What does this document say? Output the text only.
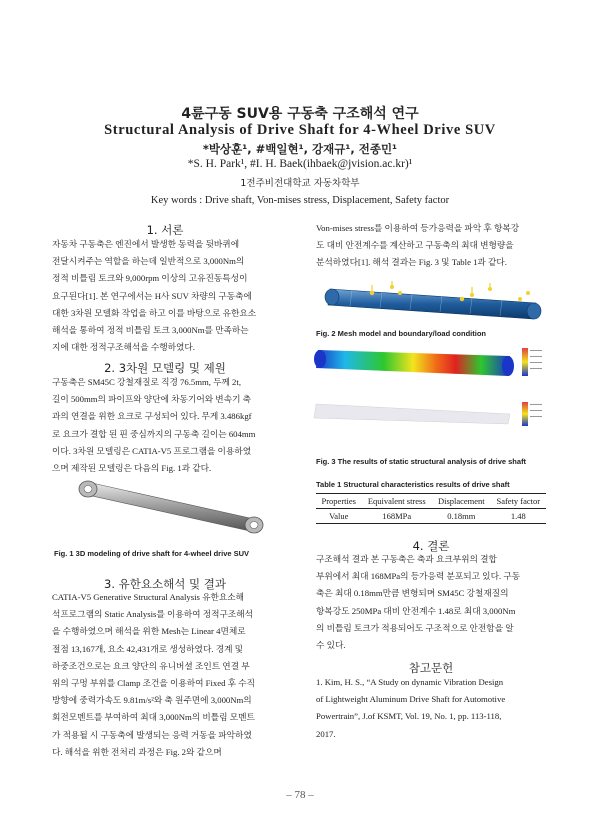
4륜구동 SUV용 구동축 구조해석 연구
Structural Analysis of Drive Shaft for 4-Wheel Drive SUV
*박상훈¹, #백일현¹, 강재규¹, 전종민¹
*S. H. Park¹, #I. H. Baek(ihbaek@jvision.ac.kr)¹
1전주비전대학교 자동차학부
Key words : Drive shaft, Von-mises stress, Displacement, Safety factor
1. 서론
자동차 구동축은 엔진에서 발생한 동력을 뒷바퀴에
전달시켜주는 역할을 하는데 일반적으로 3,000Nm의
정적 비틀림 토크와 9,000rpm 이상의 고유진동특성이
요구된다[1]. 본 연구에서는 H사 SUV 차량의 구동축에
대한 3차원 모델화 작업을 하고 이를 바탕으로 유한요소
해석을 통하여 정적 비틀림 토크 3,000Nm를 만족하는
지에 대한 정적구조해석을 수행하였다.
2. 3차원 모델링 및 제원
구동축은 SM45C 강철재질로 직경 76.5mm, 두께 2t,
길이 500mm의 파이프와 양단에 차동기어와 변속기 축
과의 연결을 위한 요크로 구성되어 있다. 무게 3.486kgf
로 요크가 결합 된 핀 중심까지의 구동축 길이는 604mm
이다. 3차원 모델링은 CATIA-V5 프로그램을 이용하였
으며 제작된 모델링은 다음의 Fig. 1과 같다.
Fig. 1 3D modeling of drive shaft for 4-wheel drive SUV
3. 유한요소해석 및 결과
CATIA-V5 Generative Structural Analysis 유한요소해
석프로그램의 Static Analysis를 이용하여 정적구조해석
을 수행하였으며 해석을 위한 Mesh는 Linear 4면체로
절점 13,167개, 요소 42,431개로 생성하였다. 경계 및
하중조건으로는 요크 양단의 유니버셜 조인트 연결 부
위의 구멍 부위를 Clamp 조건을 이용하여 Fixed 후 수직
방향에 중력가속도 9.81m/s²와 축 원주면에 3,000Nm의
회전모멘트를 부여하여 최대 3,000Nm의 비틀림 모멘트
가 적용될 시 구동축에 발생되는 응력 거동을 파악하였
다. 해석을 위한 전처리 과정은 Fig. 2와 같으며
Von-mises stress를 이용하여 등가응력을 파악 후 항복강
도 대비 안전계수를 계산하고 구동축의 최대 변형량을
분석하였다[1]. 해석 결과는 Fig. 3 및 Table 1과 같다.
Fig. 2 Mesh model and boundary/load condition
Fig. 3 The results of static structural analysis of drive shaft
Table 1 Structural characteristics results of drive shaft
Properties	Equivalent stress	Displacement	Safety factor
Value	168MPa	0.18mm	1.48
4. 결론
구조해석 결과 본 구동축은 축과 요크부위의 결합
부위에서 최대 168MPa의 등가응력 분포되고 있다. 구동
축은 최대 0.18mm만큼 변형되며 SM45C 강철재질의
항복강도 250MPa 대비 안전계수 1.48로 최대 3,000Nm
의 비틀림 토크가 적용되어도 구조적으로 안전함을 알
수 있다.
참고문헌
1. Kim, H. S., “A Study on dynamic Vibration Design
of Lightweight Aluminum Drive Shaft for Automotive
Powertrain”, J.of KSMT, Vol. 19, No. 1, pp. 113-118,
2017.
– 78 –
